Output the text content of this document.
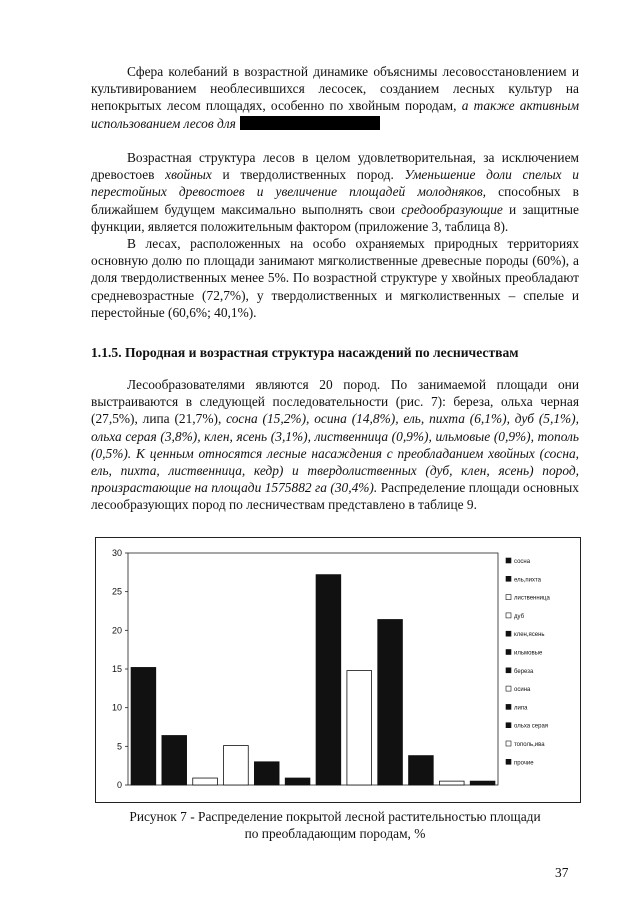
Сфера колебаний в возрастной динамике объяснимы лесовосстановлением и культивированием необлесившихся лесосек, созданием лесных культур на непокрытых лесом площадях, особенно по хвойным породам, а также активным использованием лесов для

Возрастная структура лесов в целом удовлетворительная, за исключением древостоев хвойных и твердолиственных пород. Уменьшение доли спелых и перестойных древостоев и увеличение площадей молодняков, способных в ближайшем будущем максимально выполнять свои средообразующие и защитные функции, является положительным фактором (приложение 3, таблица 8).

В лесах, расположенных на особо охраняемых природных территориях основную долю по площади занимают мягколиственные древесные породы (60%), а доля твердолиственных менее 5%. По возрастной структуре у хвойных преобладают средневозрастные (72,7%), у твердолиственных и мягколиственных – спелые и перестойные (60,6%; 40,1%).

1.1.5. Породная и возрастная структура насаждений по лесничествам

Лесообразователями являются 20 пород. По занимаемой площади они выстраиваются в следующей последовательности (рис. 7): береза, ольха черная (27,5%), липа (21,7%), сосна (15,2%), осина (14,8%), ель, пихта (6,1%), дуб (5,1%), ольха серая (3,8%), клен, ясень (3,1%), лиственница (0,9%), ильмовые (0,9%), тополь (0,5%). К ценным относятся лесные насаждения с преобладанием хвойных (сосна, ель, пихта, лиственница, кедр) и твердолиственных (дуб, клен, ясень) пород, произрастающие на площади 1575882 га (30,4%). Распределение площади основных лесообразующих пород по лесничествам представлено в таблице 9.

0
5
10
15
20
25
30
сосна
ель,пихта
лиственница
дуб
клен,ясень
ильмовые
береза
осина
липа
ольха серая
тополь,ива
прочие
Рисунок 7 - Распределение покрытой лесной растительностью площади
по преобладающим породам, %
37
